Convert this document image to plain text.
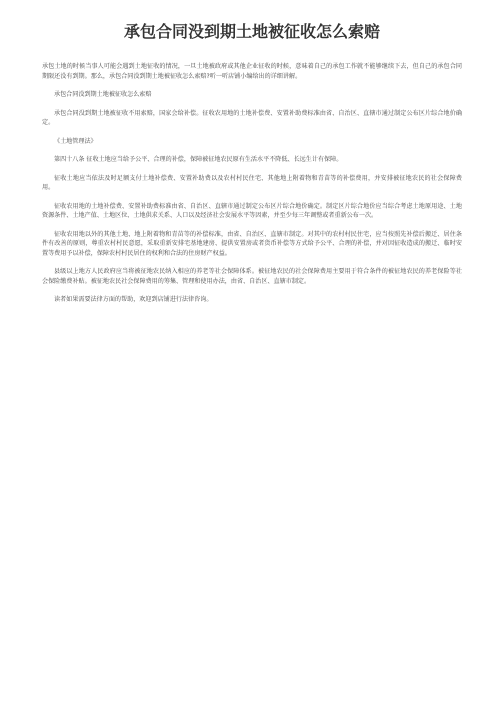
承包合同没到期土地被征收怎么索赔

承包土地的时候当事人可能会遇到土地征收的情况，一旦土地被政府或其他企业征收的时候，意味着自己的承包工作就不能够继续下去，但自己的承包合同期限还没有到期。那么，承包合同没到期土地被征收怎么索赔?听一听店铺小编给出的详细讲解。

承包合同没到期土地被征收怎么索赔

承包合同没到期土地被征收不用索赔，国家会给补偿。征收农用地的土地补偿费、安置补助费标准由省、自治区、直辖市通过制定公布区片综合地价确定。

《土地管理法》

第四十八条 征收土地应当给予公平、合理的补偿，保障被征地农民原有生活水平不降低、长远生计有保障。

征收土地应当依法及时足额支付土地补偿费、安置补助费以及农村村民住宅、其他地上附着物和青苗等的补偿费用，并安排被征地农民的社会保障费用。

征收农用地的土地补偿费、安置补助费标准由省、自治区、直辖市通过制定公布区片综合地价确定。制定区片综合地价应当综合考虑土地原用途、土地资源条件、土地产值、土地区位、土地供求关系、人口以及经济社会发展水平等因素，并至少每三年调整或者重新公布一次。

征收农用地以外的其他土地、地上附着物和青苗等的补偿标准，由省、自治区、直辖市制定。对其中的农村村民住宅，应当按照先补偿后搬迁、居住条件有改善的原则，尊重农村村民意愿，采取重新安排宅基地建房、提供安置房或者货币补偿等方式给予公平、合理的补偿，并对因征收造成的搬迁、临时安置等费用予以补偿，保障农村村民居住的权利和合法的住房财产权益。

县级以上地方人民政府应当将被征地农民纳入相应的养老等社会保障体系。被征地农民的社会保障费用主要用于符合条件的被征地农民的养老保险等社会保险缴费补贴。被征地农民社会保障费用的筹集、管理和使用办法，由省、自治区、直辖市制定。

读者如果需要法律方面的帮助，欢迎到店铺进行法律咨询。
